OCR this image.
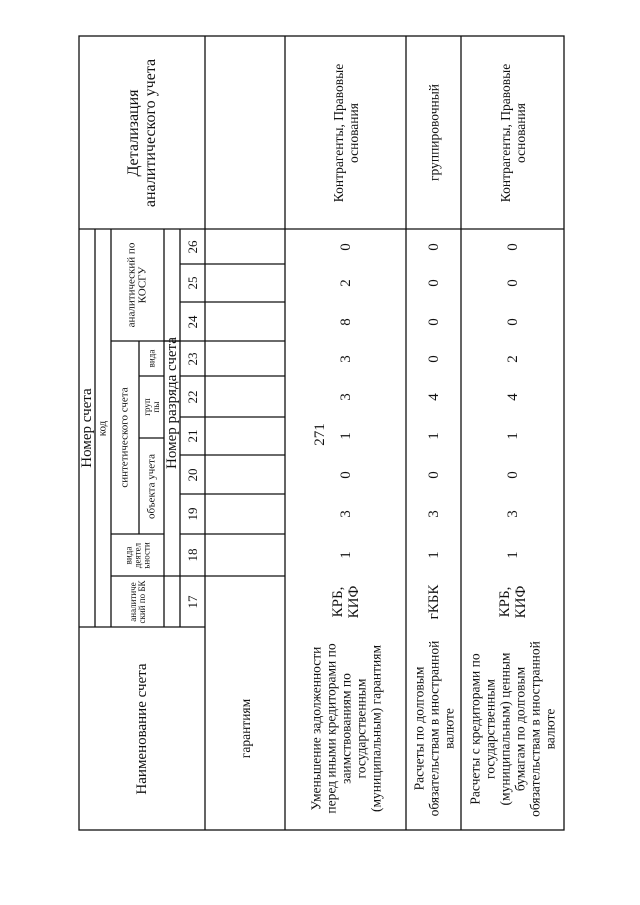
271
Наименование счета
Номер счета код
аналитиче ский по БК
вида деятел ьности
синтетического счета объекта учета
груп пы
вида
аналитический по КОСГУ
Номер разряда счета
Детализация аналитического учета
17
18
19
20
21
22
23
24
25
26
гарантиям	Уменьшение задолженности перед иными кредиторами по заимствованиям по государственным (муниципальным) гарантиям
КРБ, КИФ
1
3
0
1
3
3
8
2
0
Контрагенты, Правовые основания
Расчеты по долговым обязательствам в иностранной валюте
гКБК
1
3
0
1
4
0
0
0
0
группировочный
Расчеты с кредиторами по государственным (муниципальным) ценным бумагам по долговым обязательствам в иностранной валюте
КРБ, КИФ
1
3
0
1
4
2
0
0
0
Контрагенты, Правовые основания
